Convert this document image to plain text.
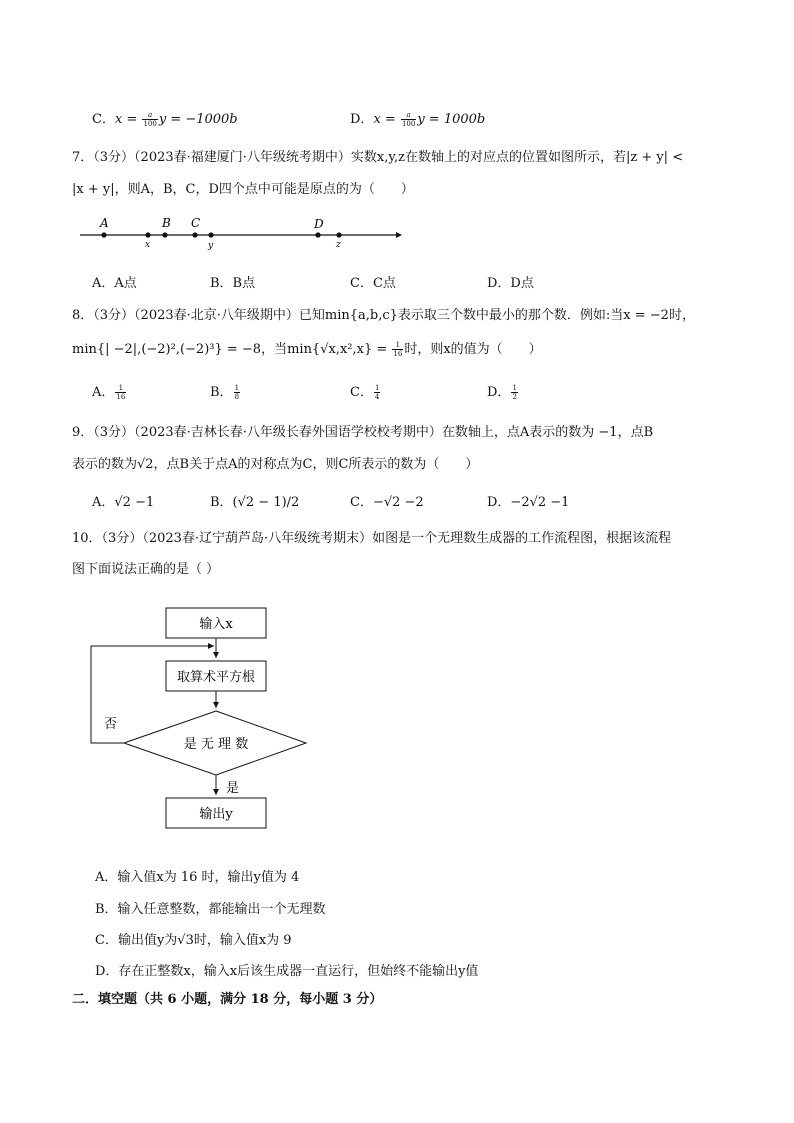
C．$x = \frac{a}{100}$ y = −1000b	D．$x = \frac{a}{100}$ y = 1000b
7．（3分）（2023春·福建厦门·八年级统考期中）实数x,y,z在数轴上的对应点的位置如图所示，若|z + y| <
|x + y|，则A，B，C，D四个点中可能是原点的为（　　）
A	B C	D
x	y	z
A．A点	B．B点	C．C点	D．D点
8．（3分）（2023春·北京·八年级期中）已知min{a,b,c}表示取三个数中最小的那个数．例如:当x = −2时，
min{| −2|,(−2)²,(−2)³} = −8，当$\min\{√x,x^2,x\} = \frac{1}{16}$ 时，则x的值为（　　）
A． $\frac{1}{16}$	B． $\frac{1}{8}$	C． $\frac{1}{4}$	D． $\frac{1}{2}$
9．（3分）（2023春·吉林长春·八年级长春外国语学校校考期中）在数轴上，点A表示的数为 −1，点B
表示的数为√2，点B关于点A的对称点为C，则C所表示的数为（　　）
A．√2 −1	B．(√2 − 1)/2	C．−√2 −2	D．−2√2 −1
10．（3分）（2023春·辽宁葫芦岛·八年级统考期末）如图是一个无理数生成器的工作流程图，根据该流程
图下面说法正确的是（ ）
输入x
取算术平方根
是 无 理 数
否
是
输出y
A．输入值x为 16 时，输出y值为 4
B．输入任意整数，都能输出一个无理数
C．输出值y为√3时，输入值x为 9
D．存在正整数x，输入x后该生成器一直运行，但始终不能输出y值
二．填空题（共 6 小题，满分 18 分，每小题 3 分）
